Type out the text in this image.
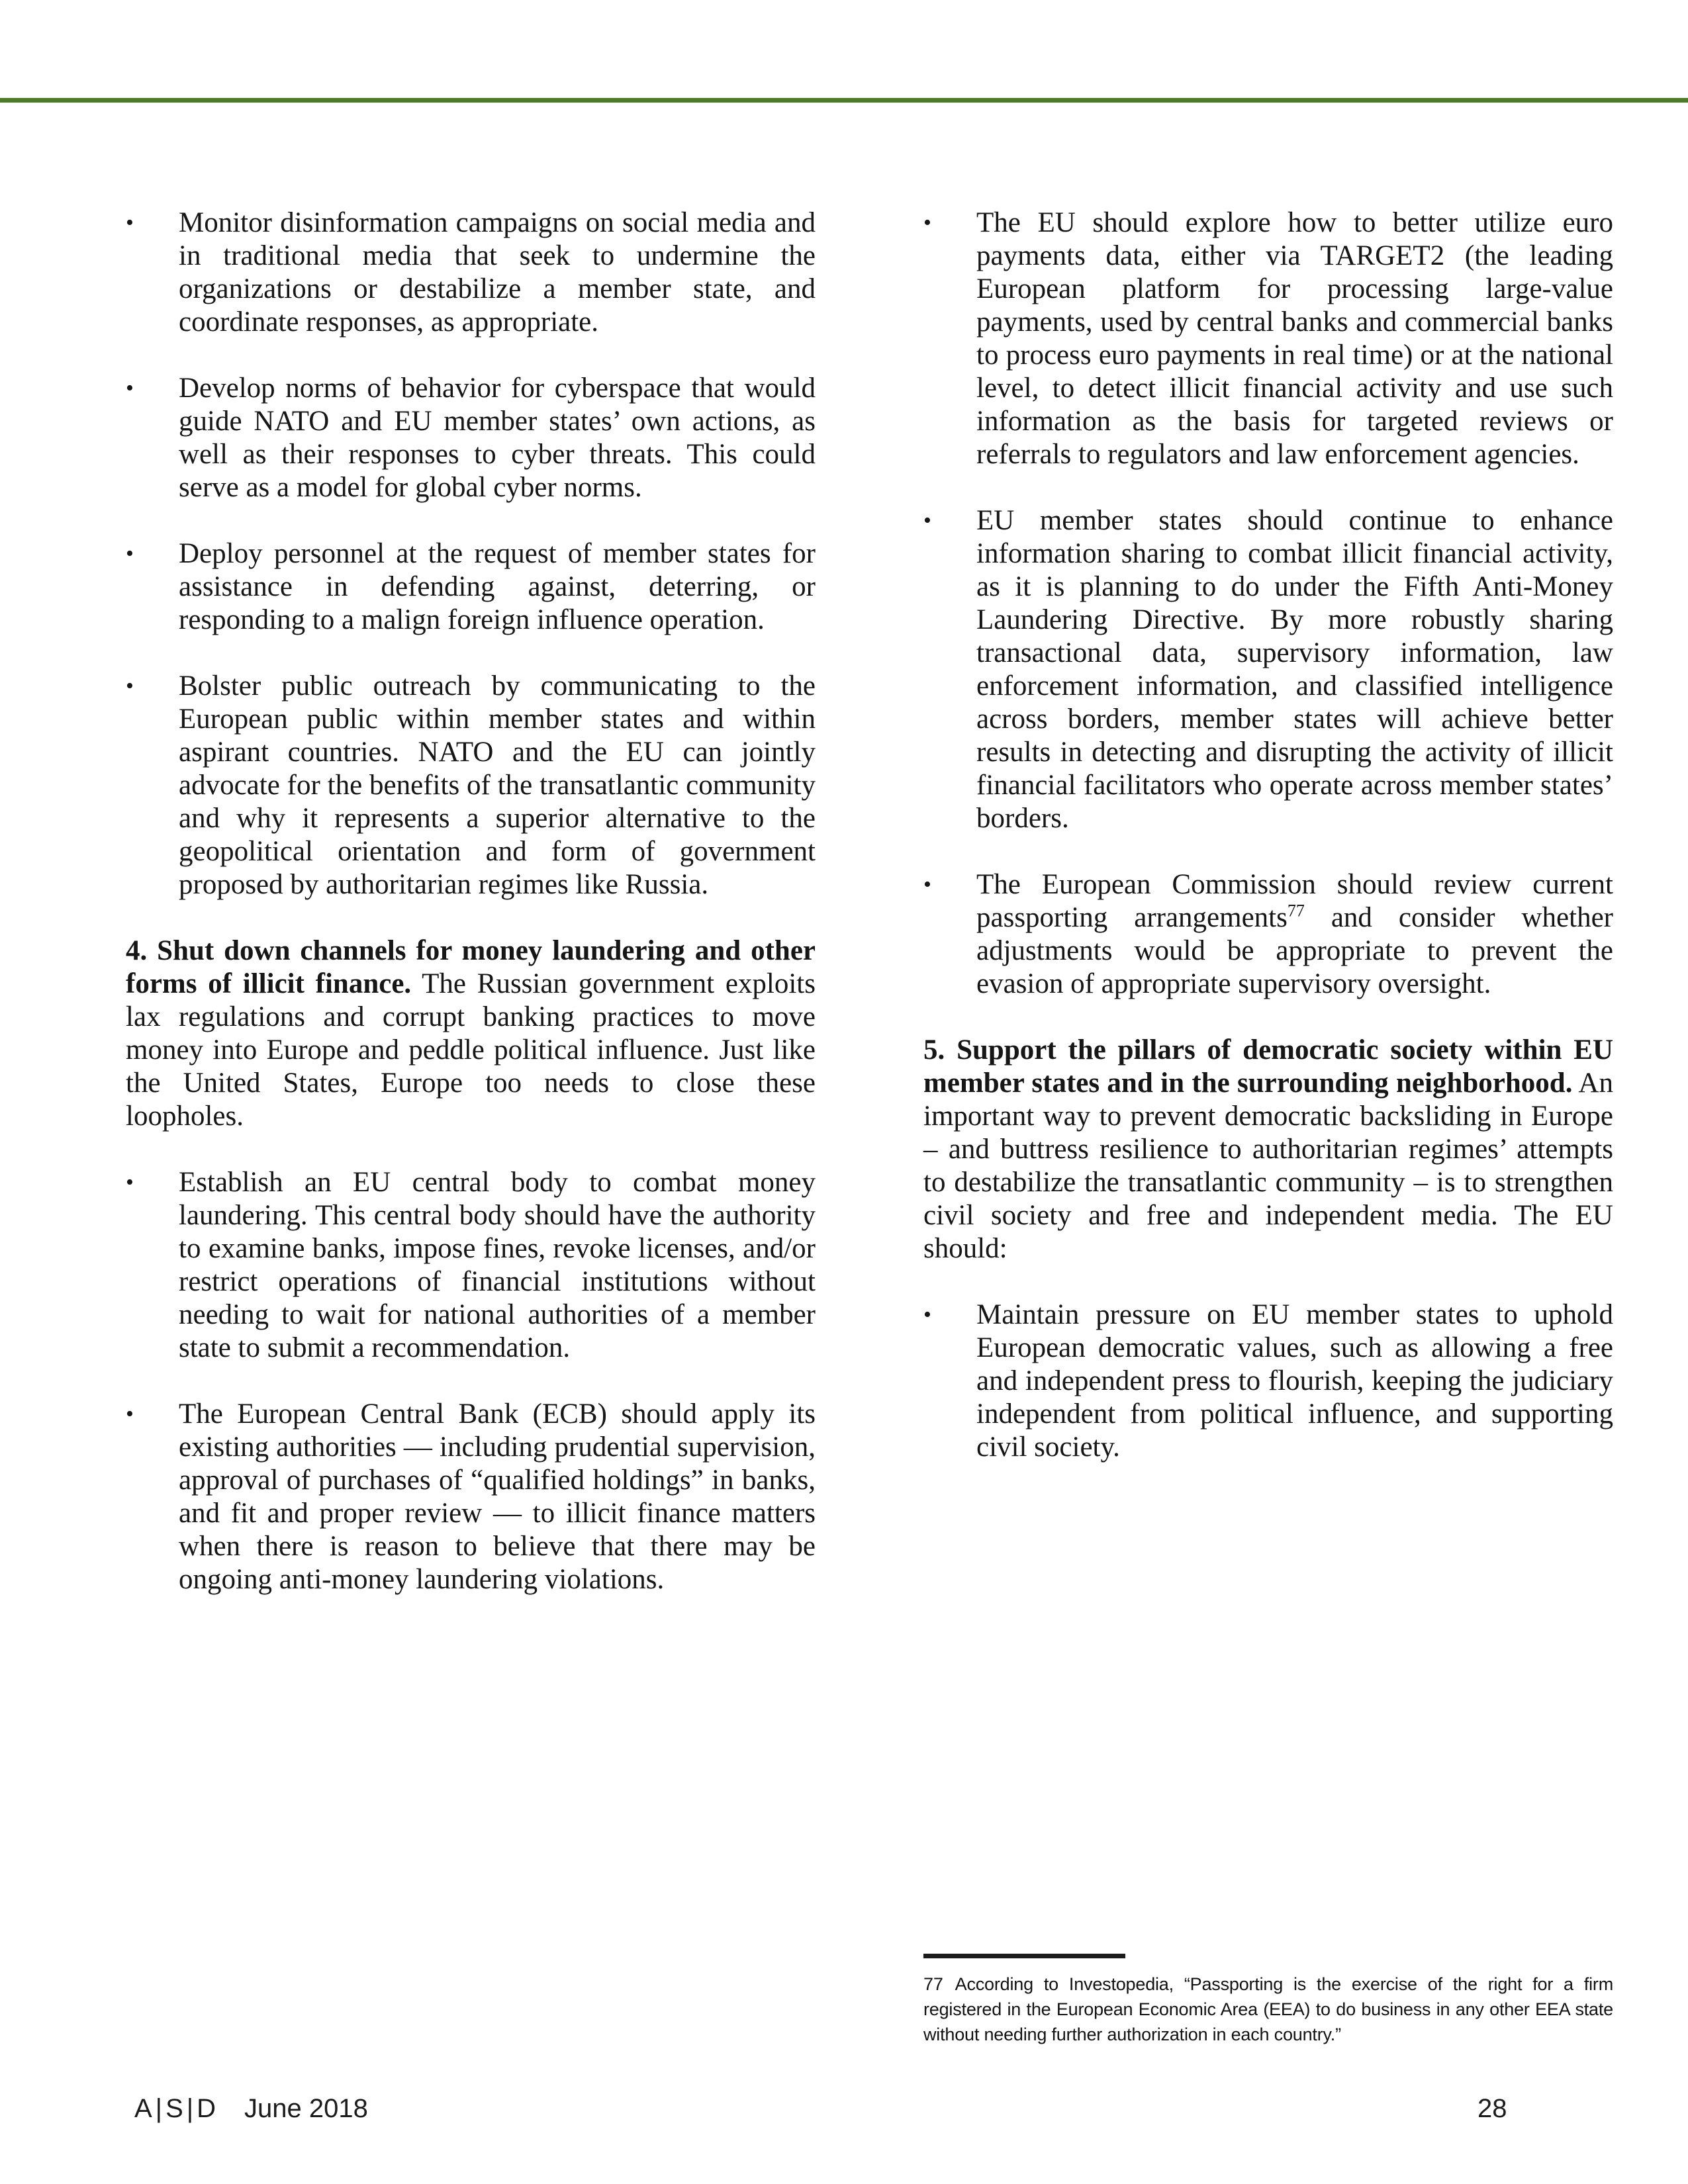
•	Monitor disinformation campaigns on social media and in traditional media that seek to undermine the organizations or destabilize a member state, and coordinate responses, as appropriate.
•	Develop norms of behavior for cyberspace that would guide NATO and EU member states’ own actions, as well as their responses to cyber threats. This could serve as a model for global cyber norms.
•	Deploy personnel at the request of member states for assistance in defending against, deterring, or responding to a malign foreign influence operation.
•	Bolster public outreach by communicating to the European public within member states and within aspirant countries. NATO and the EU can jointly advocate for the benefits of the transatlantic community and why it represents a superior alternative to the geopolitical orientation and form of government proposed by authoritarian regimes like Russia.

4. Shut down channels for money laundering and other forms of illicit finance. The Russian government exploits lax regulations and corrupt banking practices to move money into Europe and peddle political influence. Just like the United States, Europe too needs to close these loopholes.

•	Establish an EU central body to combat money laundering. This central body should have the authority to examine banks, impose fines, revoke licenses, and/or restrict operations of financial institutions without needing to wait for national authorities of a member state to submit a recommendation.
•	The European Central Bank (ECB) should apply its existing authorities — including prudential supervision, approval of purchases of “qualified holdings” in banks, and fit and proper review — to illicit finance matters when there is reason to believe that there may be ongoing anti-money laundering violations.
•	The EU should explore how to better utilize euro payments data, either via TARGET2 (the leading European platform for processing large-value payments, used by central banks and commercial banks to process euro payments in real time) or at the national level, to detect illicit financial activity and use such information as the basis for targeted reviews or referrals to regulators and law enforcement agencies.
•	EU member states should continue to enhance information sharing to combat illicit financial activity, as it is planning to do under the Fifth Anti-Money Laundering Directive. By more robustly sharing transactional data, supervisory information, law enforcement information, and classified intelligence across borders, member states will achieve better results in detecting and disrupting the activity of illicit financial facilitators who operate across member states’ borders.
•	The European Commission should review current passporting arrangements$^{77}$ and consider whether adjustments would be appropriate to prevent the evasion of appropriate supervisory oversight.

5. Support the pillars of democratic society within EU member states and in the surrounding neighborhood. An important way to prevent democratic backsliding in Europe – and buttress resilience to authoritarian regimes’ attempts to destabilize the transatlantic community – is to strengthen civil society and free and independent media. The EU should:

•	Maintain pressure on EU member states to uphold European democratic values, such as allowing a free and independent press to flourish, keeping the judiciary independent from political influence, and supporting civil society.
77 According to Investopedia, “Passporting is the exercise of the right for a firm registered in the European Economic Area (EEA) to do business in any other EEA state without needing further authorization in each country.”
A|S|D June 2018	28
